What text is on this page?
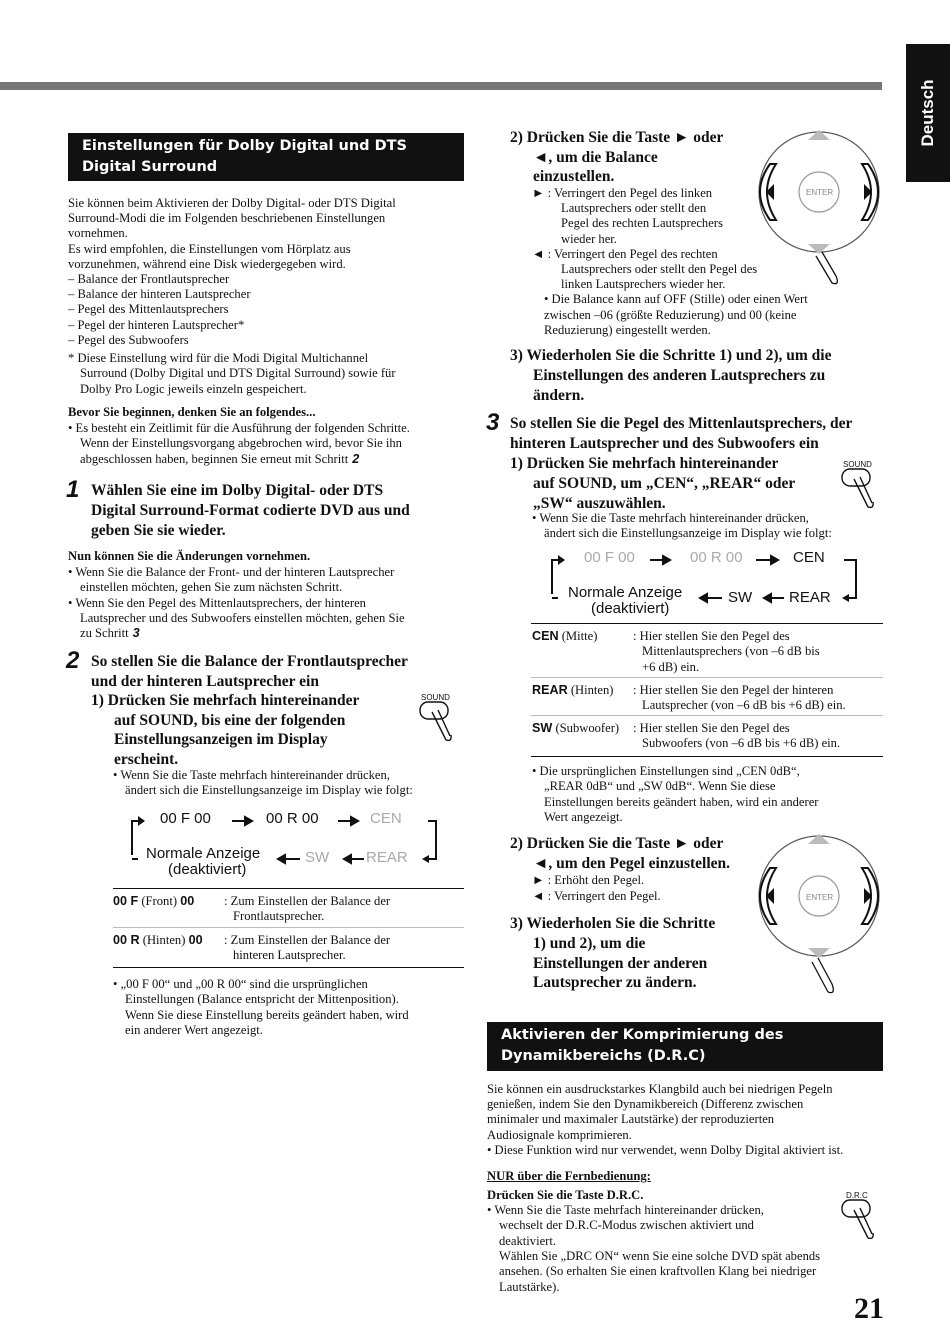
Deutsch
Einstellungen für Dolby Digital und DTS
Digital Surround
Sie können beim Aktivieren der Dolby Digital- oder DTS Digital
Surround-Modi die im Folgenden beschriebenen Einstellungen
vornehmen.
Es wird empfohlen, die Einstellungen vom Hörplatz aus
vorzunehmen, während eine Disk wiedergegeben wird.
– Balance der Frontlautsprecher
– Balance der hinteren Lautsprecher
– Pegel des Mittenlautsprechers
– Pegel der hinteren Lautsprecher*
– Pegel des Subwoofers
* Diese Einstellung wird für die Modi Digital Multichannel
Surround (Dolby Digital und DTS Digital Surround) sowie für
Dolby Pro Logic jeweils einzeln gespeichert.
Bevor Sie beginnen, denken Sie an folgendes...
• Es besteht ein Zeitlimit für die Ausführung der folgenden Schritte.
Wenn der Einstellungsvorgang abgebrochen wird, bevor Sie ihn
abgeschlossen haben, beginnen Sie erneut mit Schritt 2
1 Wählen Sie eine im Dolby Digital- oder DTS
Digital Surround-Format codierte DVD aus und
geben Sie sie wieder.
Nun können Sie die Änderungen vornehmen.
• Wenn Sie die Balance der Front- und der hinteren Lautsprecher
einstellen möchten, gehen Sie zum nächsten Schritt.
• Wenn Sie den Pegel des Mittenlautsprechers, der hinteren
Lautsprecher und des Subwoofers einstellen möchten, gehen Sie
zu Schritt 3
2 So stellen Sie die Balance der Frontlautsprecher
und der hinteren Lautsprecher ein
1) Drücken Sie mehrfach hintereinander
auf SOUND, bis eine der folgenden
Einstellungsanzeigen im Display
erscheint.
SOUND
• Wenn Sie die Taste mehrfach hintereinander drücken,
ändert sich die Einstellungsanzeige im Display wie folgt:
00 F 00	00 R 00	CEN
Normale Anzeige
(deaktiviert)
SW REAR
00 F (Front) 00 : Zum Einstellen der Balance der
Frontlautsprecher.
00 R (Hinten) 00 : Zum Einstellen der Balance der
hinteren Lautsprecher.
• „00 F 00“ und „00 R 00“ sind die ursprünglichen
Einstellungen (Balance entspricht der Mittenposition).
Wenn Sie diese Einstellung bereits geändert haben, wird
ein anderer Wert angezeigt.
2) Drücken Sie die Taste ► oder
◄, um die Balance
einzustellen.
ENTER
► : Verringert den Pegel des linken
Lautsprechers oder stellt den
Pegel des rechten Lautsprechers
wieder her.
◄ : Verringert den Pegel des rechten
Lautsprechers oder stellt den Pegel des
linken Lautsprechers wieder her.
• Die Balance kann auf OFF (Stille) oder einen Wert
zwischen –06 (größte Reduzierung) und 00 (keine
Reduzierung) eingestellt werden.
3) Wiederholen Sie die Schritte 1) und 2), um die
Einstellungen des anderen Lautsprechers zu
ändern.
3 So stellen Sie die Pegel des Mittenlautsprechers, der
hinteren Lautsprecher und des Subwoofers ein
1) Drücken Sie mehrfach hintereinander
auf SOUND, um „CEN“, „REAR“ oder
„SW“ auszuwählen.
SOUND
• Wenn Sie die Taste mehrfach hintereinander drücken,
ändert sich die Einstellungsanzeige im Display wie folgt:
00 F 00	00 R 00	CEN
Normale Anzeige
(deaktiviert)
SW REAR
CEN (Mitte)	: Hier stellen Sie den Pegel des
Mittenlautsprechers (von –6 dB bis
+6 dB) ein.
REAR (Hinten) : Hier stellen Sie den Pegel der hinteren
Lautsprecher (von –6 dB bis +6 dB) ein.
SW (Subwoofer) : Hier stellen Sie den Pegel des
Subwoofers (von –6 dB bis +6 dB) ein.
• Die ursprünglichen Einstellungen sind „CEN 0dB“,
„REAR 0dB“ und „SW 0dB“. Wenn Sie diese
Einstellungen bereits geändert haben, wird ein anderer
Wert angezeigt.
2) Drücken Sie die Taste ► oder
◄, um den Pegel einzustellen.
► : Erhöht den Pegel.
◄ : Verringert den Pegel.	ENTER
3) Wiederholen Sie die Schritte
1) und 2), um die
Einstellungen der anderen
Lautsprecher zu ändern.
Aktivieren der Komprimierung des
Dynamikbereichs (D.R.C)
Sie können ein ausdruckstarkes Klangbild auch bei niedrigen Pegeln
genießen, indem Sie den Dynamikbereich (Differenz zwischen
minimaler und maximaler Lautstärke) der reproduzierten
Audiosignale komprimieren.
• Diese Funktion wird nur verwendet, wenn Dolby Digital aktiviert ist.
NUR über die Fernbedienung:
Drücken Sie die Taste D.R.C.	D.R.C
• Wenn Sie die Taste mehrfach hintereinander drücken,
wechselt der D.R.C-Modus zwischen aktiviert und
deaktiviert.
Wählen Sie „DRC ON“ wenn Sie eine solche DVD spät abends
ansehen. (So erhalten Sie einen kraftvollen Klang bei niedriger
Lautstärke).
21
